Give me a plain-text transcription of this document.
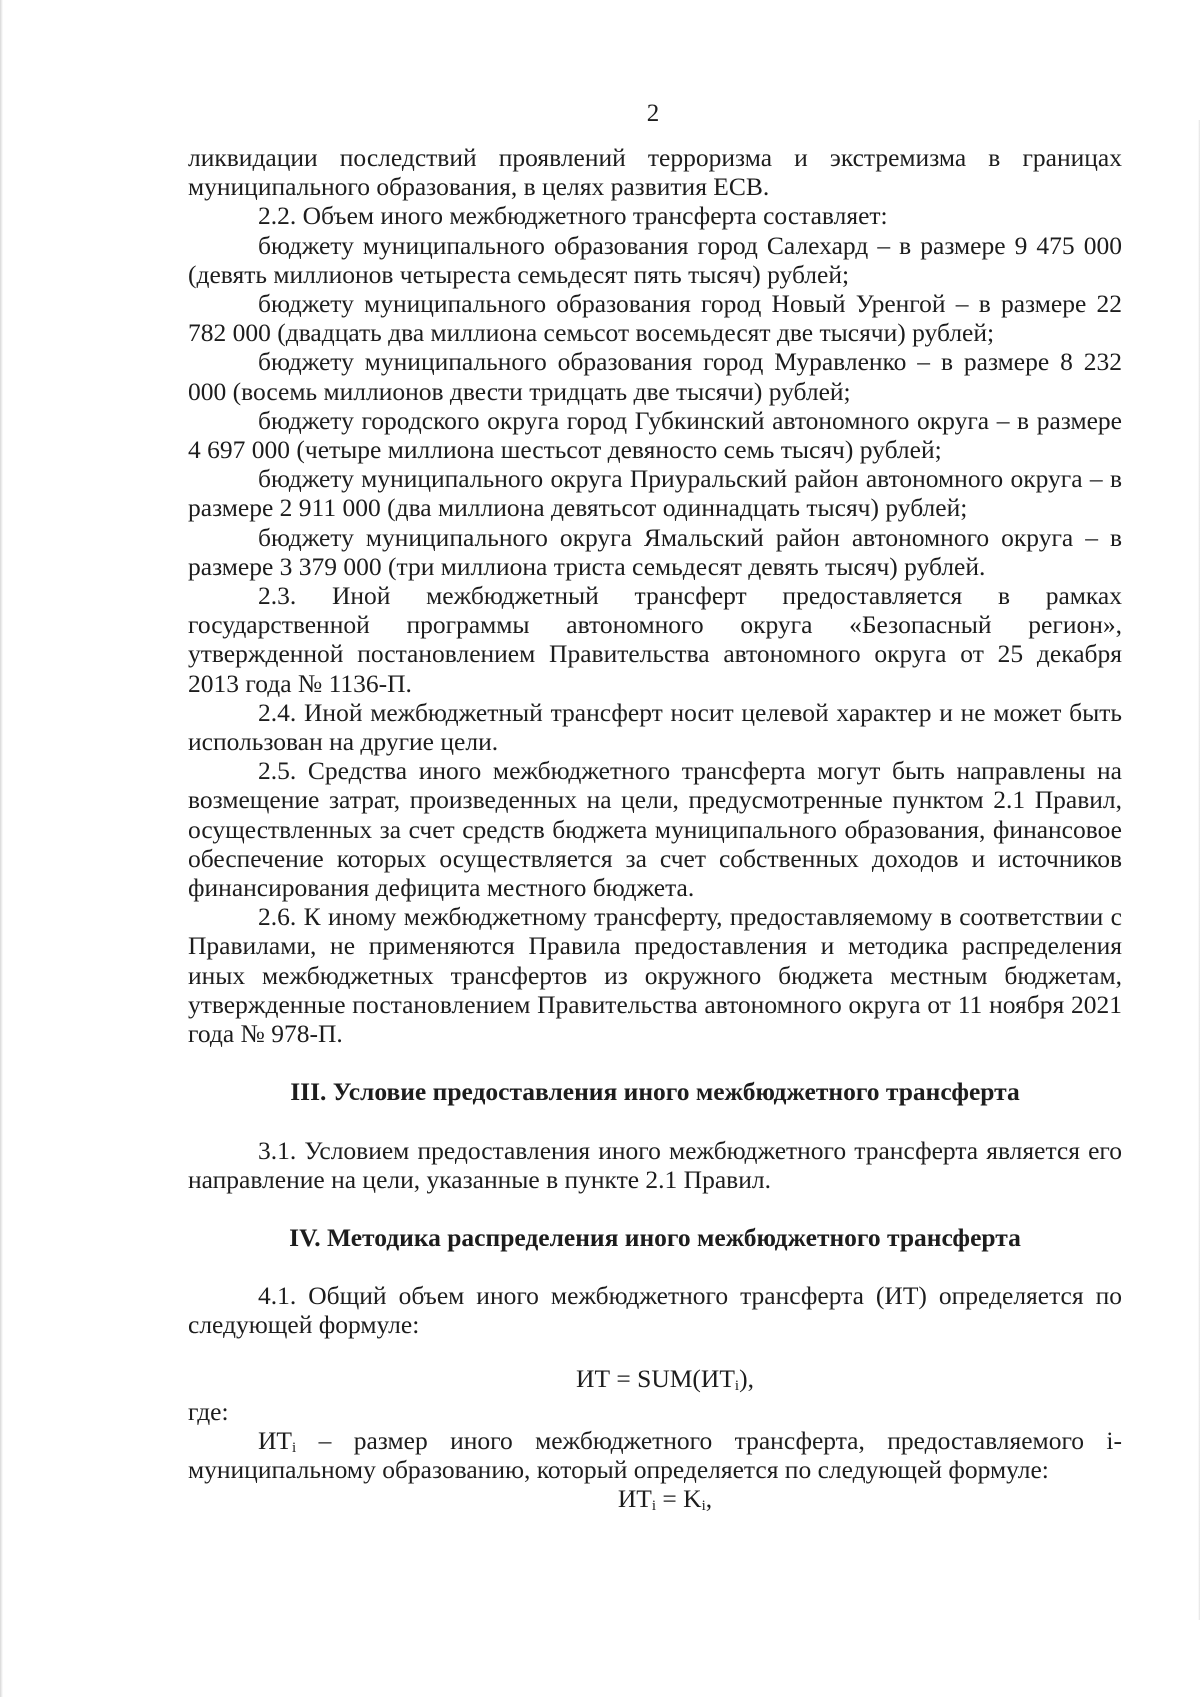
2

ликвидации последствий проявлений терроризма и экстремизма в границах муниципального образования, в целях развития ЕСВ.

2.2. Объем иного межбюджетного трансферта составляет:

бюджету муниципального образования город Салехард – в размере 9 475 000 (девять миллионов четыреста семьдесят пять тысяч) рублей;

бюджету муниципального образования город Новый Уренгой – в размере 22 782 000 (двадцать два миллиона семьсот восемьдесят две тысячи) рублей;

бюджету муниципального образования город Муравленко – в размере 8 232 000 (восемь миллионов двести тридцать две тысячи) рублей;

бюджету городского округа город Губкинский автономного округа – в размере 4 697 000 (четыре миллиона шестьсот девяносто семь тысяч) рублей;

бюджету муниципального округа Приуральский район автономного округа – в размере 2 911 000 (два миллиона девятьсот одиннадцать тысяч) рублей;

бюджету муниципального округа Ямальский район автономного округа – в размере 3 379 000 (три миллиона триста семьдесят девять тысяч) рублей.

2.3. Иной межбюджетный трансферт предоставляется в рамках государственной программы автономного округа «Безопасный регион», утвержденной постановлением Правительства автономного округа от 25 декабря 2013 года № 1136-П.

2.4. Иной межбюджетный трансферт носит целевой характер и не может быть использован на другие цели.

2.5. Средства иного межбюджетного трансферта могут быть направлены на возмещение затрат, произведенных на цели, предусмотренные пунктом 2.1 Правил, осуществленных за счет средств бюджета муниципального образования, финансовое обеспечение которых осуществляется за счет собственных доходов и источников финансирования дефицита местного бюджета.

2.6. К иному межбюджетному трансферту, предоставляемому в соответствии с Правилами, не применяются Правила предоставления и методика распределения иных межбюджетных трансфертов из окружного бюджета местным бюджетам, утвержденные постановлением Правительства автономного округа от 11 ноября 2021 года № 978-П.

III. Условие предоставления иного межбюджетного трансферта

3.1. Условием предоставления иного межбюджетного трансферта является его направление на цели, указанные в пункте 2.1 Правил.

IV. Методика распределения иного межбюджетного трансферта

4.1. Общий объем иного межбюджетного трансферта (ИТ) определяется по следующей формуле:

ИТ = $SUM(ИТ_i)$,

где:

$ИТ_i$ – размер иного межбюджетного трансферта, предоставляемого i-муниципальному образованию, который определяется по следующей формуле:

$ИТ_i = K_i$,
